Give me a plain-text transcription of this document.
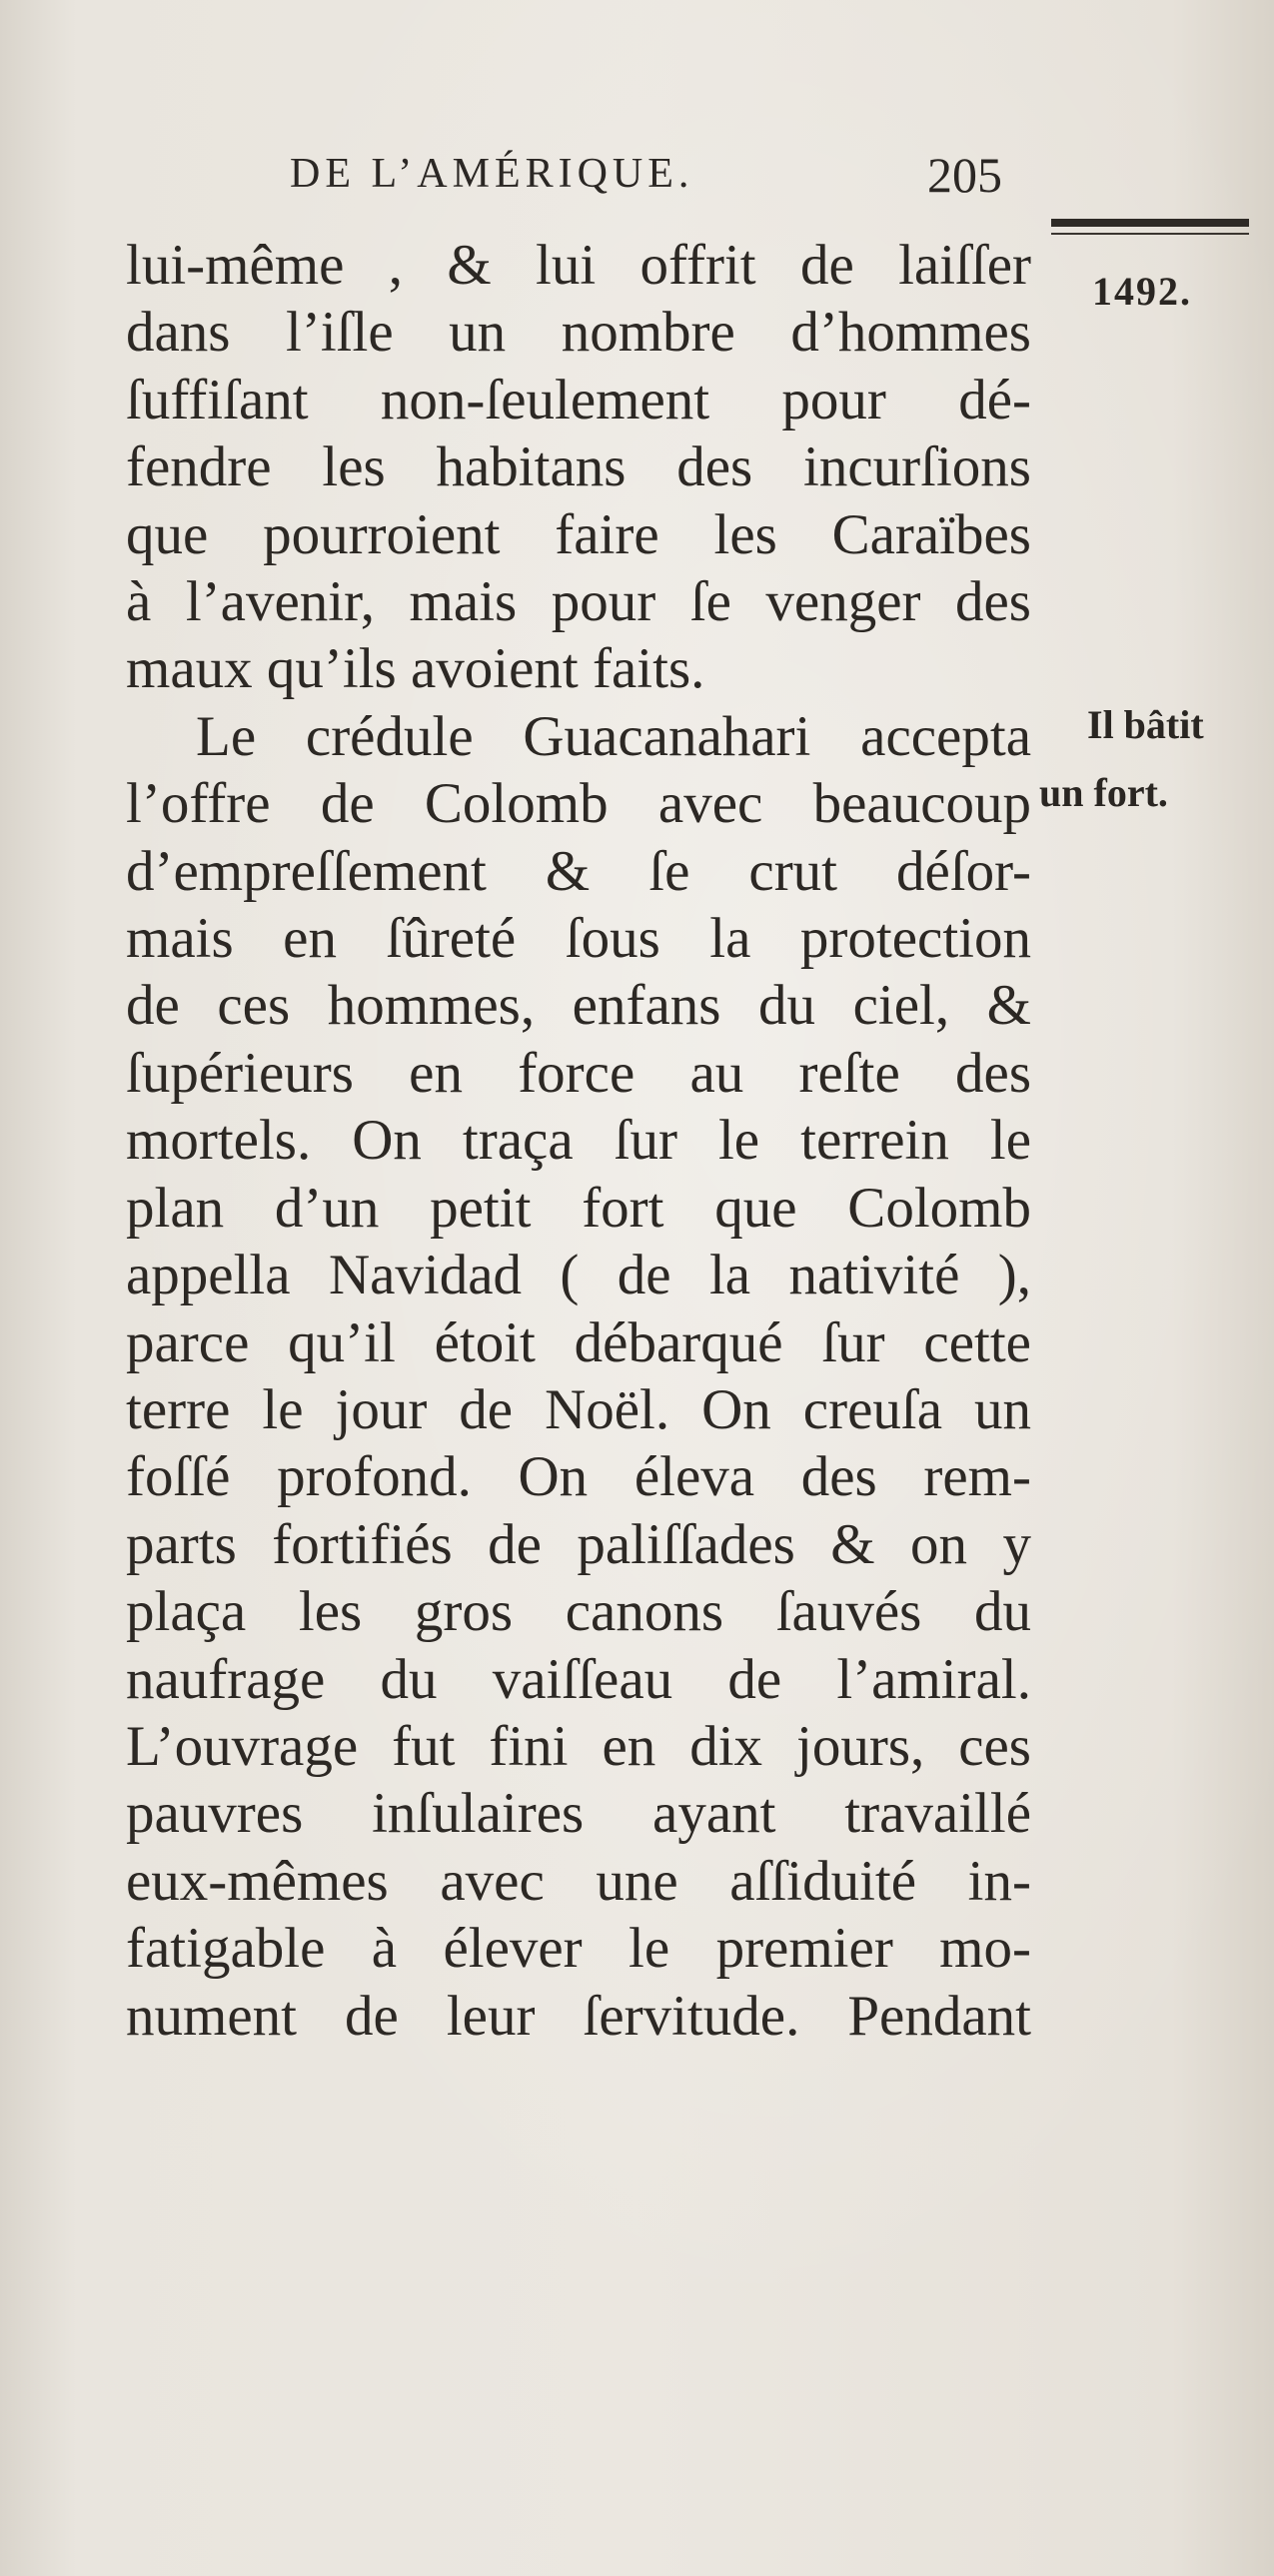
DE L’AMÉRIQUE.	205
1492.
Il bâtit
un fort.
lui-même , & lui offrit de laiſſer
dans l’iſle un nombre d’hommes
ſuffiſant non-ſeulement pour dé-
fendre les habitans des incurſions
que pourroient faire les Caraïbes
à l’avenir, mais pour ſe venger des
maux qu’ils avoient faits.
Le crédule Guacanahari accepta
l’offre de Colomb avec beaucoup
d’empreſſement & ſe crut déſor-
mais en ſûreté ſous la protection
de ces hommes, enfans du ciel, &
ſupérieurs en force au reſte des
mortels. On traça ſur le terrein le
plan d’un petit fort que Colomb
appella Navidad ( de la nativité ),
parce qu’il étoit débarqué ſur cette
terre le jour de Noël. On creuſa un
foſſé profond. On éleva des rem-
parts fortifiés de paliſſades & on y
plaça les gros canons ſauvés du
naufrage du vaiſſeau de l’amiral.
L’ouvrage fut fini en dix jours, ces
pauvres inſulaires ayant travaillé
eux-mêmes avec une aſſiduité in-
fatigable à élever le premier mo-
nument de leur ſervitude. Pendant
